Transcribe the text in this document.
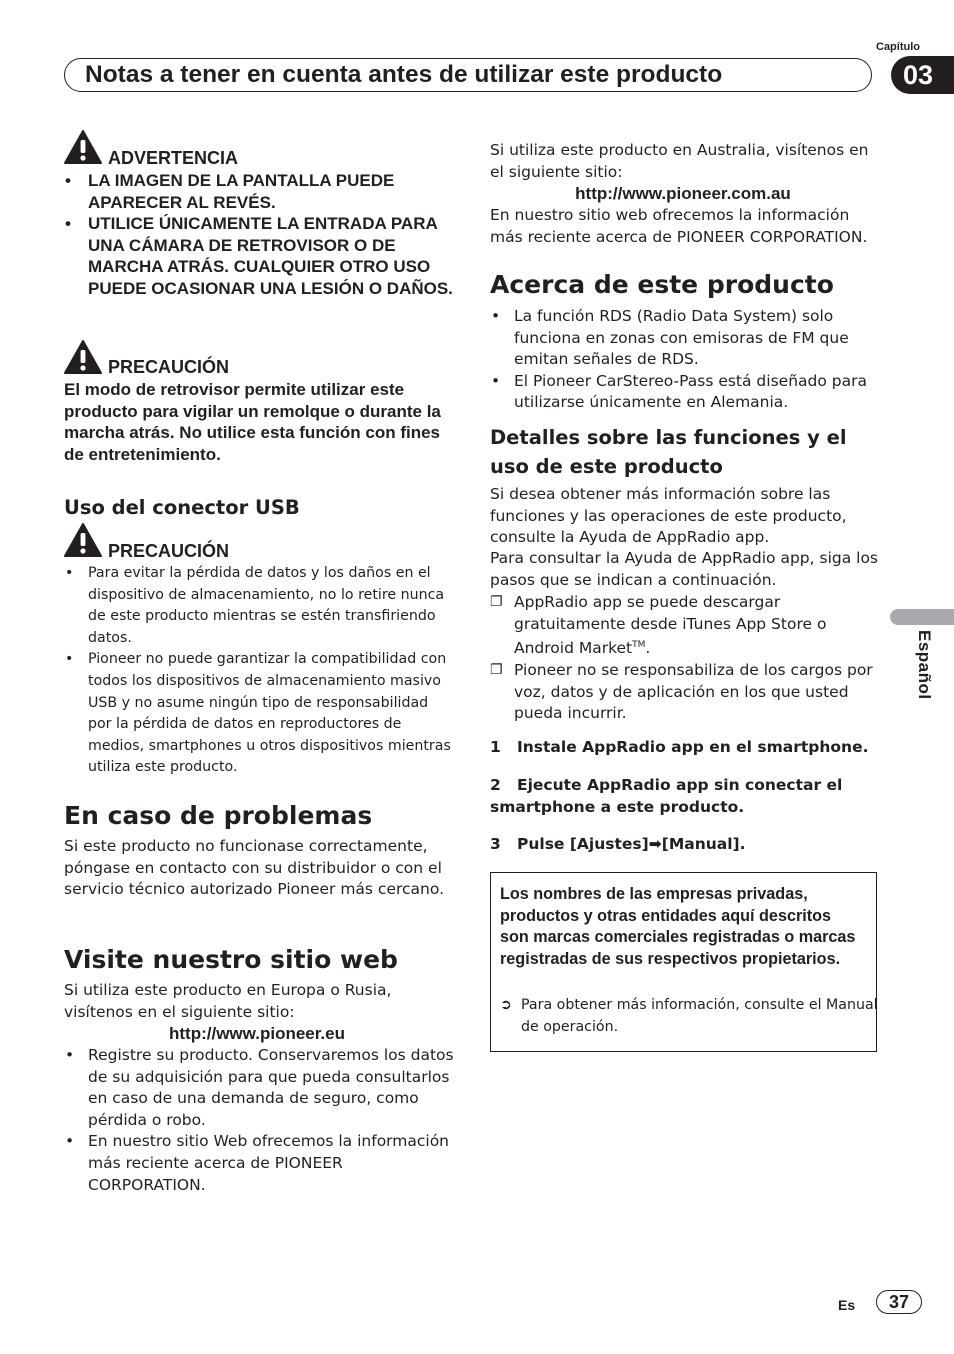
Capítulo
Notas a tener en cuenta antes de utilizar este producto	03
Español
ADVERTENCIA
• LA IMAGEN DE LA PANTALLA PUEDE APARECER AL REVÉS.
• UTILICE ÚNICAMENTE LA ENTRADA PARA UNA CÁMARA DE RETROVISOR O DE MARCHA ATRÁS. CUALQUIER OTRO USO PUEDE OCASIONAR UNA LESIÓN O DAÑOS.
PRECAUCIÓN
El modo de retrovisor permite utilizar este producto para vigilar un remolque o durante la marcha atrás. No utilice esta función con fines de entretenimiento.
Uso del conector USB
PRECAUCIÓN
• Para evitar la pérdida de datos y los daños en el dispositivo de almacenamiento, no lo retire nunca de este producto mientras se estén transfiriendo datos.
• Pioneer no puede garantizar la compatibilidad con todos los dispositivos de almacenamiento masivo USB y no asume ningún tipo de responsabilidad por la pérdida de datos en reproductores de medios, smartphones u otros dispositivos mientras utiliza este producto.
En caso de problemas
Si este producto no funcionase correctamente, póngase en contacto con su distribuidor o con el servicio técnico autorizado Pioneer más cercano.
Visite nuestro sitio web
Si utiliza este producto en Europa o Rusia, visítenos en el siguiente sitio:
http://www.pioneer.eu
• Registre su producto. Conservaremos los datos de su adquisición para que pueda consultarlos en caso de una demanda de seguro, como pérdida o robo.
• En nuestro sitio Web ofrecemos la información más reciente acerca de PIONEER CORPORATION.
Si utiliza este producto en Australia, visítenos en el siguiente sitio:
http://www.pioneer.com.au
En nuestro sitio web ofrecemos la información más reciente acerca de PIONEER CORPORATION.
Acerca de este producto
• La función RDS (Radio Data System) solo funciona en zonas con emisoras de FM que emitan señales de RDS.
• El Pioneer CarStereo-Pass está diseñado para utilizarse únicamente en Alemania.
Detalles sobre las funciones y el uso de este producto
Si desea obtener más información sobre las funciones y las operaciones de este producto, consulte la Ayuda de AppRadio app.
Para consultar la Ayuda de AppRadio app, siga los pasos que se indican a continuación.
❐ AppRadio app se puede descargar gratuitamente desde iTunes App Store o Android Market™.
❐ Pioneer no se responsabiliza de los cargos por voz, datos y de aplicación en los que usted pueda incurrir.
1 Instale AppRadio app en el smartphone.
2 Ejecute AppRadio app sin conectar el smartphone a este producto.
3 Pulse [Ajustes]➡[Manual].
Los nombres de las empresas privadas, productos y otras entidades aquí descritos son marcas comerciales registradas o marcas registradas de sus respectivos propietarios.
➲ Para obtener más información, consulte el Manual de operación.
Es	37
